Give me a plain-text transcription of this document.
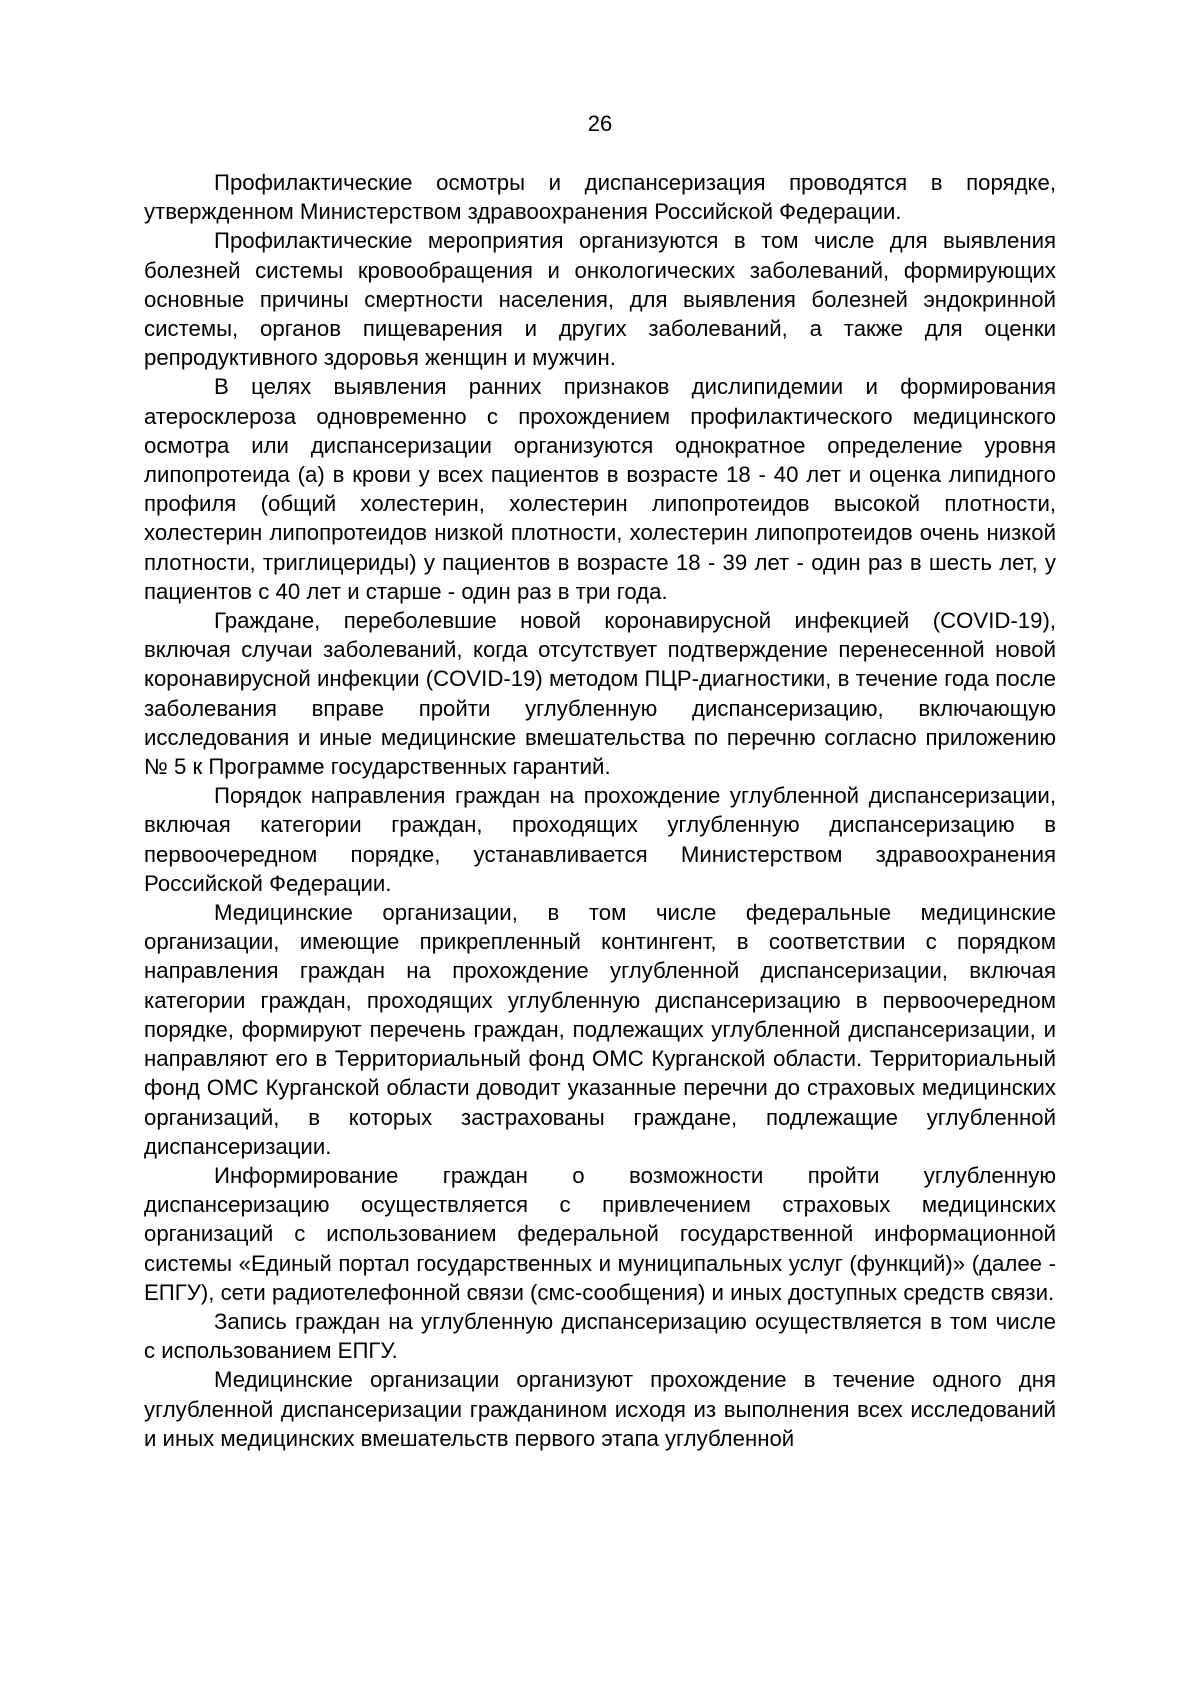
26

Профилактические осмотры и диспансеризация проводятся в порядке, утвержденном Министерством здравоохранения Российской Федерации.

Профилактические мероприятия организуются в том числе для выявления болезней системы кровообращения и онкологических заболеваний, формирующих основные причины смертности населения, для выявления болезней эндокринной системы, органов пищеварения и других заболеваний, а также для оценки репродуктивного здоровья женщин и мужчин.

В целях выявления ранних признаков дислипидемии и формирования атеросклероза одновременно с прохождением профилактического медицинского осмотра или диспансеризации организуются однократное определение уровня липопротеида (а) в крови у всех пациентов в возрасте 18 - 40 лет и оценка липидного профиля (общий холестерин, холестерин липопротеидов высокой плотности, холестерин липопротеидов низкой плотности, холестерин липопротеидов очень низкой плотности, триглицериды) у пациентов в возрасте 18 - 39 лет - один раз в шесть лет, у пациентов с 40 лет и старше - один раз в три года.

Граждане, переболевшие новой коронавирусной инфекцией (COVID-19), включая случаи заболеваний, когда отсутствует подтверждение перенесенной новой коронавирусной инфекции (COVID-19) методом ПЦР-диагностики, в течение года после заболевания вправе пройти углубленную диспансеризацию, включающую исследования и иные медицинские вмешательства по перечню согласно приложению № 5 к Программе государственных гарантий.

Порядок направления граждан на прохождение углубленной диспансеризации, включая категории граждан, проходящих углубленную диспансеризацию в первоочередном порядке, устанавливается Министерством здравоохранения Российской Федерации.

Медицинские организации, в том числе федеральные медицинские организации, имеющие прикрепленный контингент, в соответствии с порядком направления граждан на прохождение углубленной диспансеризации, включая категории граждан, проходящих углубленную диспансеризацию в первоочередном порядке, формируют перечень граждан, подлежащих углубленной диспансеризации, и направляют его в Территориальный фонд ОМС Курганской области. Территориальный фонд ОМС Курганской области доводит указанные перечни до страховых медицинских организаций, в которых застрахованы граждане, подлежащие углубленной диспансеризации.

Информирование граждан о возможности пройти углубленную диспансеризацию осуществляется с привлечением страховых медицинских организаций с использованием федеральной государственной информационной системы «Единый портал государственных и муниципальных услуг (функций)» (далее - ЕПГУ), сети радиотелефонной связи (смс-сообщения) и иных доступных средств связи.

Запись граждан на углубленную диспансеризацию осуществляется в том числе с использованием ЕПГУ.

Медицинские организации организуют прохождение в течение одного дня углубленной диспансеризации гражданином исходя из выполнения всех исследований и иных медицинских вмешательств первого этапа углубленной
